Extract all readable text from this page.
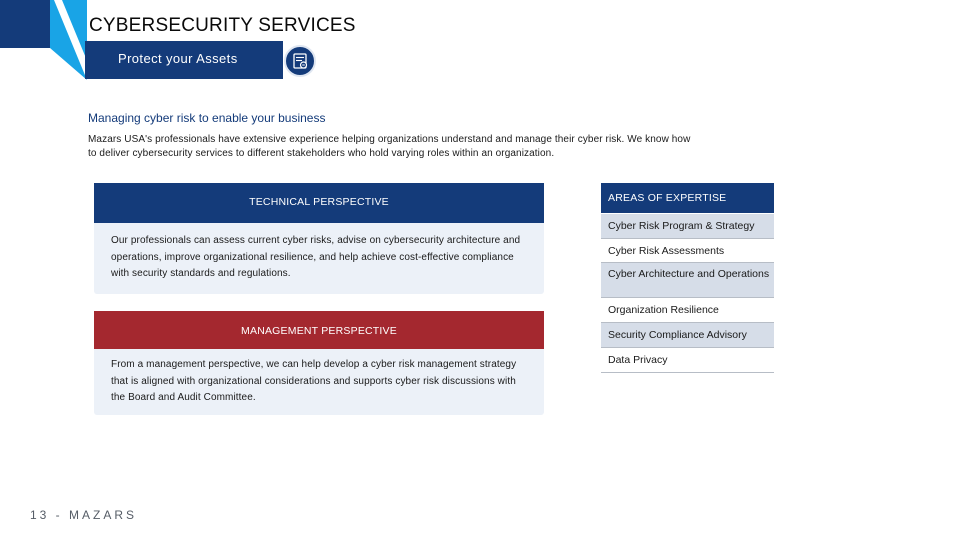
CYBERSECURITY SERVICES
Protect your Assets
Managing cyber risk to enable your business
Mazars USA's professionals have extensive experience helping organizations understand and manage their cyber risk. We know how to deliver cybersecurity services to different stakeholders who hold varying roles within an organization.
TECHNICAL PERSPECTIVE
Our professionals can assess current cyber risks, advise on cybersecurity architecture and operations, improve organizational resilience, and help achieve cost-effective compliance with security standards and regulations.
MANAGEMENT PERSPECTIVE
From a management perspective, we can help develop a cyber risk management strategy that is aligned with organizational considerations and supports cyber risk discussions with the Board and Audit Committee.
AREAS OF EXPERTISE
Cyber Risk Program & Strategy
Cyber Risk Assessments
Cyber Architecture and Operations
Organization Resilience
Security Compliance Advisory
Data Privacy
13 - MAZARS
